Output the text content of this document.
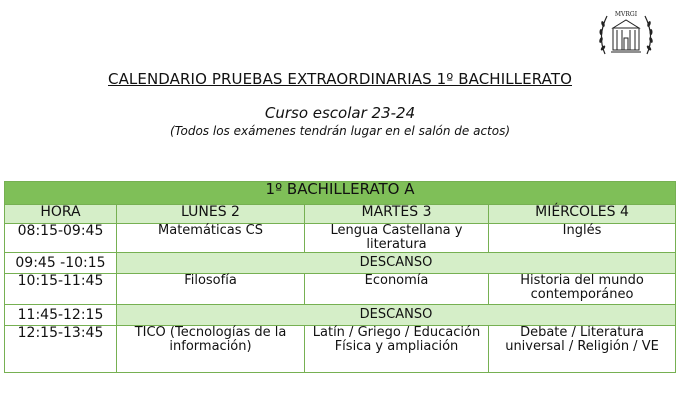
MVRGI
CALENDARIO PRUEBAS EXTRAORDINARIAS 1º BACHILLERATO
Curso escolar 23-24
(Todos los exámenes tendrán lugar en el salón de actos)
1º BACHILLERATO A			
HORA	LUNES 2	MARTES 3	MIÉRCOLES 4
08:15-09:45	Matemáticas CS	Lengua Castellana y literatura	Inglés
09:45 -10:15	DESCANSO		
10:15-11:45	Filosofía	Economía	Historia del mundo contemporáneo
11:45-12:15	DESCANSO		
12:15-13:45	TICO (Tecnologías de la información)	Latín / Griego / Educación Física y ampliación	Debate / Literatura universal / Religión / VE
